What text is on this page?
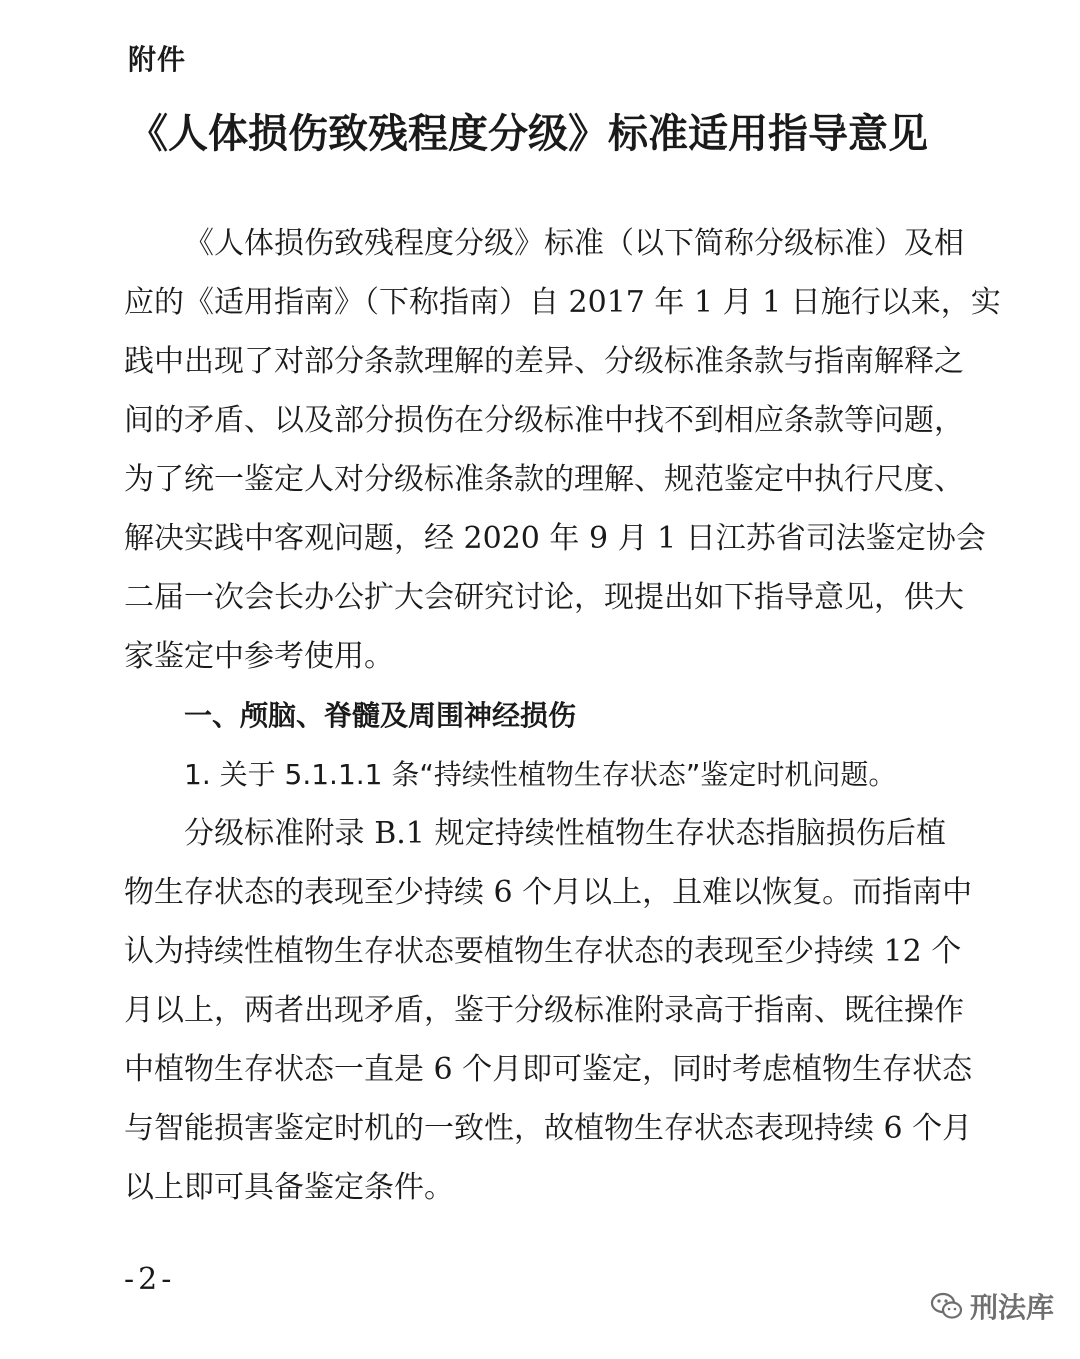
附件
《人体损伤致残程度分级》标准适用指导意见
《人体损伤致残程度分级》标准（以下简称分级标准）及相
应的《适用指南》（下称指南）自 2017 年 1 月 1 日施行以来，实
践中出现了对部分条款理解的差异、分级标准条款与指南解释之
间的矛盾、以及部分损伤在分级标准中找不到相应条款等问题，
为了统一鉴定人对分级标准条款的理解、规范鉴定中执行尺度、
解决实践中客观问题，经 2020 年 9 月 1 日江苏省司法鉴定协会
二届一次会长办公扩大会研究讨论，现提出如下指导意见，供大
家鉴定中参考使用。
一、颅脑、脊髓及周围神经损伤
1. 关于 5.1.1.1 条“持续性植物生存状态”鉴定时机问题。
分级标准附录 B.1 规定持续性植物生存状态指脑损伤后植
物生存状态的表现至少持续 6 个月以上，且难以恢复。而指南中
认为持续性植物生存状态要植物生存状态的表现至少持续 12 个
月以上，两者出现矛盾，鉴于分级标准附录高于指南、既往操作
中植物生存状态一直是 6 个月即可鉴定，同时考虑植物生存状态
与智能损害鉴定时机的一致性，故植物生存状态表现持续 6 个月
以上即可具备鉴定条件。
-2-
刑法库
